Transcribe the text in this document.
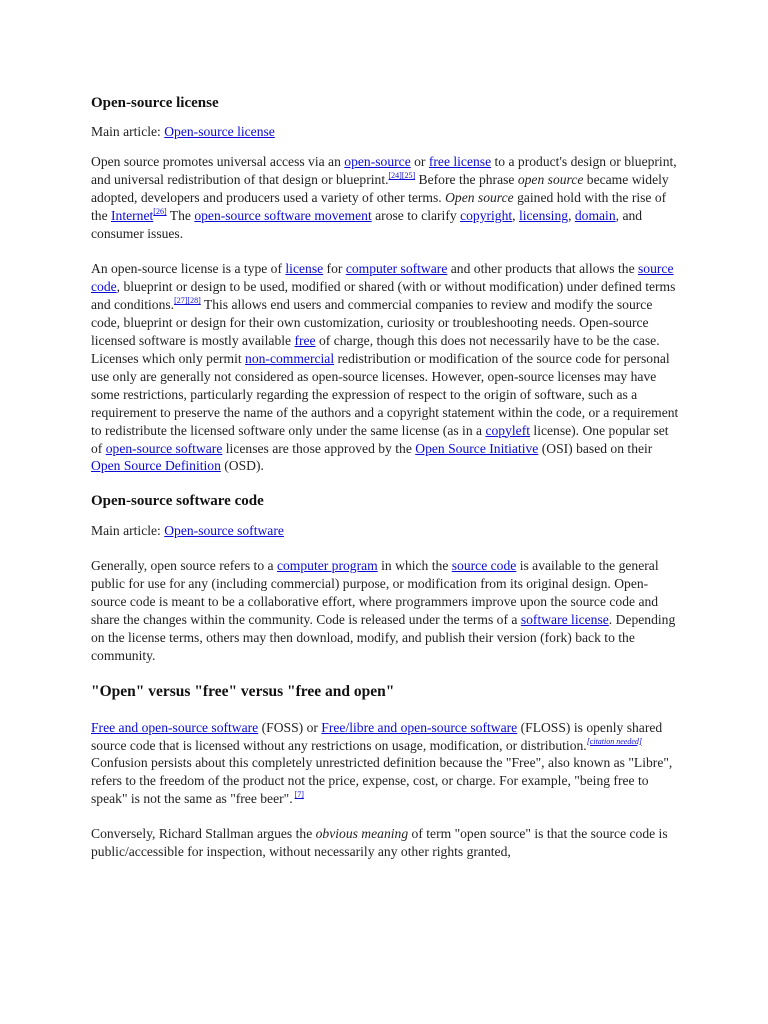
Open-source license

Main article: Open-source license

Open source promotes universal access via an open-source or free license to a product's design or blueprint, and universal redistribution of that design or blueprint.[24][25] Before the phrase open source became widely adopted, developers and producers used a variety of other terms. Open source gained hold with the rise of the Internet[26] The open-source software movement arose to clarify copyright, licensing, domain, and consumer issues.

An open-source license is a type of license for computer software and other products that allows the source code, blueprint or design to be used, modified or shared (with or without modification) under defined terms and conditions.[27][28] This allows end users and commercial companies to review and modify the source code, blueprint or design for their own customization, curiosity or troubleshooting needs. Open-source licensed software is mostly available free of charge, though this does not necessarily have to be the case. Licenses which only permit non-commercial redistribution or modification of the source code for personal use only are generally not considered as open-source licenses. However, open-source licenses may have some restrictions, particularly regarding the expression of respect to the origin of software, such as a requirement to preserve the name of the authors and a copyright statement within the code, or a requirement to redistribute the licensed software only under the same license (as in a copyleft license). One popular set of open-source software licenses are those approved by the Open Source Initiative (OSI) based on their Open Source Definition (OSD).

Open-source software code

Main article: Open-source software

Generally, open source refers to a computer program in which the source code is available to the general public for use for any (including commercial) purpose, or modification from its original design. Open-source code is meant to be a collaborative effort, where programmers improve upon the source code and share the changes within the community. Code is released under the terms of a software license. Depending on the license terms, others may then download, modify, and publish their version (fork) back to the community.

"Open" versus "free" versus "free and open"

Free and open-source software (FOSS) or Free/libre and open-source software (FLOSS) is openly shared source code that is licensed without any restrictions on usage, modification, or distribution.[citation needed] Confusion persists about this completely unrestricted definition because the "Free", also known as "Libre", refers to the freedom of the product not the price, expense, cost, or charge. For example, "being free to speak" is not the same as "free beer". [7]

Conversely, Richard Stallman argues the obvious meaning of term "open source" is that the source code is public/accessible for inspection, without necessarily any other rights granted,
